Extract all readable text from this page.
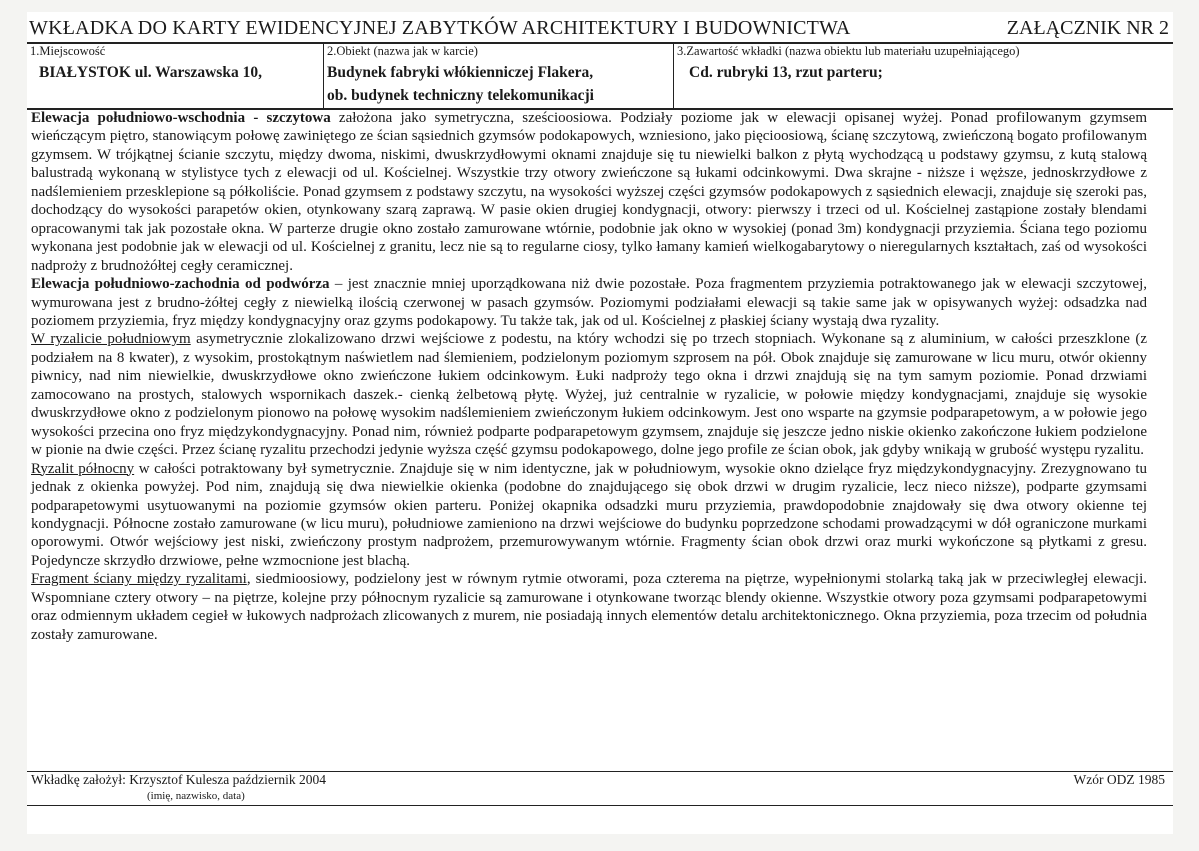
WKŁADKA DO KARTY EWIDENCYJNEJ ZABYTKÓW ARCHITEKTURY I BUDOWNICTWA	ZAŁĄCZNIK NR 2
1.Miejscowość
BIAŁYSTOK ul. Warszawska 10,
2.Obiekt (nazwa jak w karcie)
Budynek fabryki włókienniczej Flakera,
ob. budynek techniczny telekomunikacji
3.Zawartość wkładki (nazwa obiektu lub materiału uzupełniającego)
Cd. rubryki 13, rzut parteru;

Elewacja południowo-wschodnia - szczytowa założona jako symetryczna, sześcioosiowa. Podziały poziome jak w elewacji opisanej wyżej. Ponad profilowanym gzymsem wieńczącym piętro, stanowiącym połowę zawiniętego ze ścian sąsiednich gzymsów podokapowych, wzniesiono, jako pięcioosiową, ścianę szczytową, zwieńczoną bogato profilowanym gzymsem. W trójkątnej ścianie szczytu, między dwoma, niskimi, dwuskrzydłowymi oknami znajduje się tu niewielki balkon z płytą wychodzącą u podstawy gzymsu, z kutą stalową balustradą wykonaną w stylistyce tych z elewacji od ul. Kościelnej. Wszystkie trzy otwory zwieńczone są łukami odcinkowymi. Dwa skrajne - niższe i węższe, jednoskrzydłowe z nadślemieniem przesklepione są półkoliście. Ponad gzymsem z podstawy szczytu, na wysokości wyższej części gzymsów podokapowych z sąsiednich elewacji, znajduje się szeroki pas, dochodzący do wysokości parapetów okien, otynkowany szarą zaprawą. W pasie okien drugiej kondygnacji, otwory: pierwszy i trzeci od ul. Kościelnej zastąpione zostały blendami opracowanymi tak jak pozostałe okna. W parterze drugie okno zostało zamurowane wtórnie, podobnie jak okno w wysokiej (ponad 3m) kondygnacji przyziemia. Ściana tego poziomu wykonana jest podobnie jak w elewacji od ul. Kościelnej z granitu, lecz nie są to regularne ciosy, tylko łamany kamień wielkogabarytowy o nieregularnych kształtach, zaś od wysokości nadproży z brudnożółtej cegły ceramicznej.

Elewacja południowo-zachodnia od podwórza – jest znacznie mniej uporządkowana niż dwie pozostałe. Poza fragmentem przyziemia potraktowanego jak w elewacji szczytowej, wymurowana jest z brudno-żółtej cegły z niewielką ilością czerwonej w pasach gzymsów. Poziomymi podziałami elewacji są takie same jak w opisywanych wyżej: odsadzka nad poziomem przyziemia, fryz między kondygnacyjny oraz gzyms podokapowy. Tu także tak, jak od ul. Kościelnej z płaskiej ściany wystają dwa ryzality.

W ryzalicie południowym asymetrycznie zlokalizowano drzwi wejściowe z podestu, na który wchodzi się po trzech stopniach. Wykonane są z aluminium, w całości przeszklone (z podziałem na 8 kwater), z wysokim, prostokątnym naświetlem nad ślemieniem, podzielonym poziomym szprosem na pół. Obok znajduje się zamurowane w licu muru, otwór okienny piwnicy, nad nim niewielkie, dwuskrzydłowe okno zwieńczone łukiem odcinkowym. Łuki nadproży tego okna i drzwi znajdują się na tym samym poziomie. Ponad drzwiami zamocowano na prostych, stalowych wspornikach daszek.- cienką żelbetową płytę. Wyżej, już centralnie w ryzalicie, w połowie między kondygnacjami, znajduje się wysokie dwuskrzydłowe okno z podzielonym pionowo na połowę wysokim nadślemieniem zwieńczonym łukiem odcinkowym. Jest ono wsparte na gzymsie podparapetowym, a w połowie jego wysokości przecina ono fryz międzykondygnacyjny. Ponad nim, również podparte podparapetowym gzymsem, znajduje się jeszcze jedno niskie okienko zakończone łukiem podzielone w pionie na dwie części. Przez ścianę ryzalitu przechodzi jedynie wyższa część gzymsu podokapowego, dolne jego profile ze ścian obok, jak gdyby wnikają w grubość występu ryzalitu.

Ryzalit północny w całości potraktowany był symetrycznie. Znajduje się w nim identyczne, jak w południowym, wysokie okno dzielące fryz międzykondygnacyjny. Zrezygnowano tu jednak z okienka powyżej. Pod nim, znajdują się dwa niewielkie okienka (podobne do znajdującego się obok drzwi w drugim ryzalicie, lecz nieco niższe), podparte gzymsami podparapetowymi usytuowanymi na poziomie gzymsów okien parteru. Poniżej okapnika odsadzki muru przyziemia, prawdopodobnie znajdowały się dwa otwory okienne tej kondygnacji. Północne zostało zamurowane (w licu muru), południowe zamieniono na drzwi wejściowe do budynku poprzedzone schodami prowadzącymi w dół ograniczone murkami oporowymi. Otwór wejściowy jest niski, zwieńczony prostym nadprożem, przemurowywanym wtórnie. Fragmenty ścian obok drzwi oraz murki wykończone są płytkami z gresu. Pojedyncze skrzydło drzwiowe, pełne wzmocnione jest blachą.

Fragment ściany między ryzalitami, siedmioosiowy, podzielony jest w równym rytmie otworami, poza czterema na piętrze, wypełnionymi stolarką taką jak w przeciwległej elewacji. Wspomniane cztery otwory – na piętrze, kolejne przy północnym ryzalicie są zamurowane i otynkowane tworząc blendy okienne. Wszystkie otwory poza gzymsami podparapetowymi oraz odmiennym układem cegieł w łukowych nadprożach zlicowanych z murem, nie posiadają innych elementów detalu architektonicznego. Okna przyziemia, poza trzecim od południa zostały zamurowane.

Wkładkę założył: Krzysztof Kulesza październik 2004
(imię, nazwisko, data)
Wzór ODZ 1985
